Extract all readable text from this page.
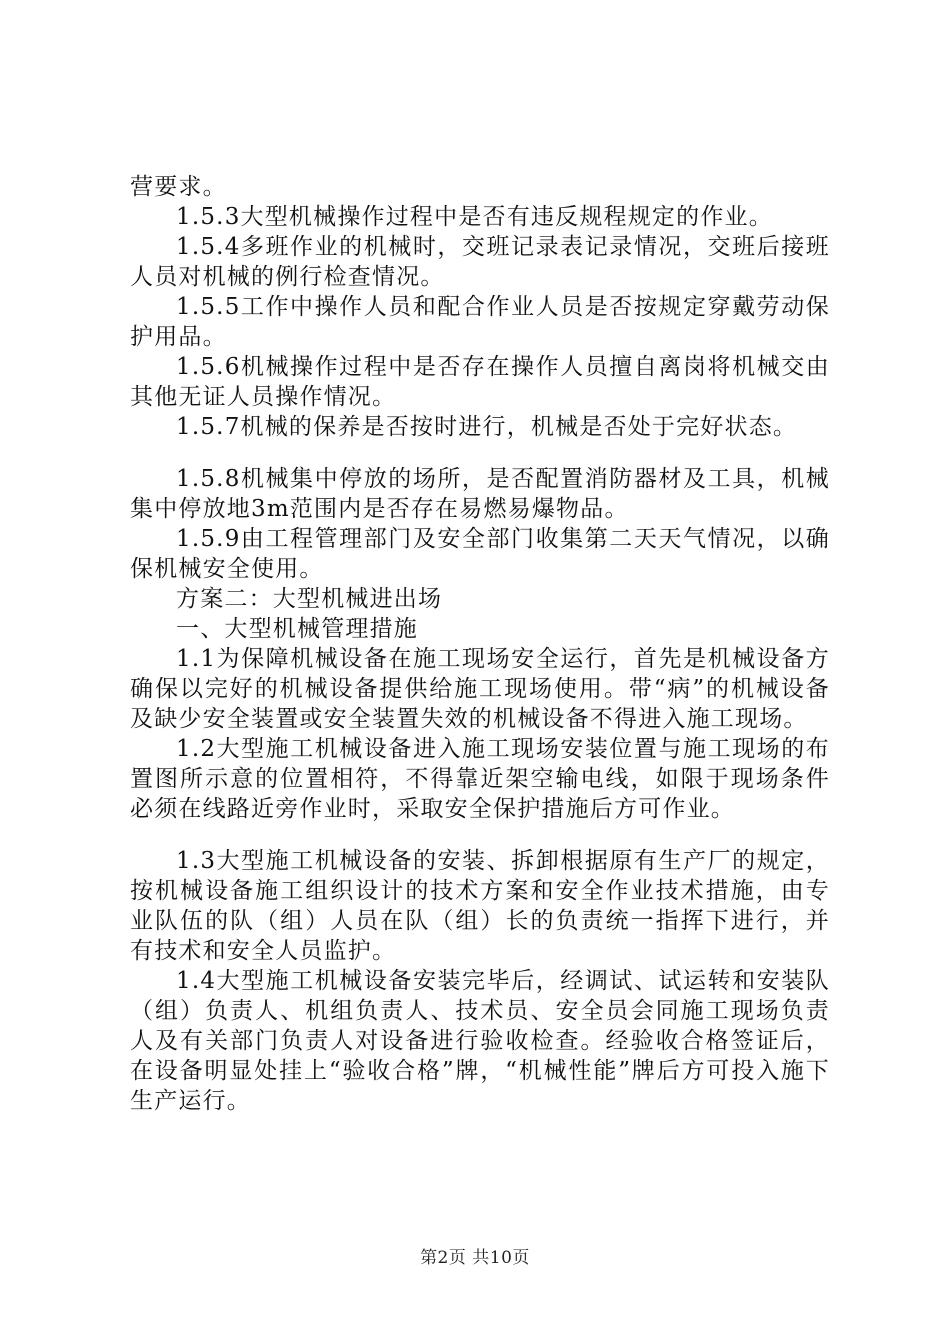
营要求。

1.5.3大型机械操作过程中是否有违反规程规定的作业。

1.5.4多班作业的机械时，交班记录表记录情况，交班后接班人员对机械的例行检查情况。

1.5.5工作中操作人员和配合作业人员是否按规定穿戴劳动保护用品。

1.5.6机械操作过程中是否存在操作人员擅自离岗将机械交由其他无证人员操作情况。

1.5.7机械的保养是否按时进行，机械是否处于完好状态。

1.5.8机械集中停放的场所，是否配置消防器材及工具，机械集中停放地3m范围内是否存在易燃易爆物品。

1.5.9由工程管理部门及安全部门收集第二天天气情况，以确保机械安全使用。

方案二：大型机械进出场

一、大型机械管理措施

1.1为保障机械设备在施工现场安全运行，首先是机械设备方确保以完好的机械设备提供给施工现场使用。带“病”的机械设备及缺少安全装置或安全装置失效的机械设备不得进入施工现场。

1.2大型施工机械设备进入施工现场安装位置与施工现场的布置图所示意的位置相符，不得靠近架空输电线，如限于现场条件必须在线路近旁作业时，采取安全保护措施后方可作业。

1.3大型施工机械设备的安装、拆卸根据原有生产厂的规定，按机械设备施工组织设计的技术方案和安全作业技术措施，由专业队伍的队（组）人员在队（组）长的负责统一指挥下进行，并有技术和安全人员监护。

1.4大型施工机械设备安装完毕后，经调试、试运转和安装队（组）负责人、机组负责人、技术员、安全员会同施工现场负责人及有关部门负责人对设备进行验收检查。经验收合格签证后，在设备明显处挂上“验收合格”牌，“机械性能”牌后方可投入施下生产运行。

第2页 共10页
